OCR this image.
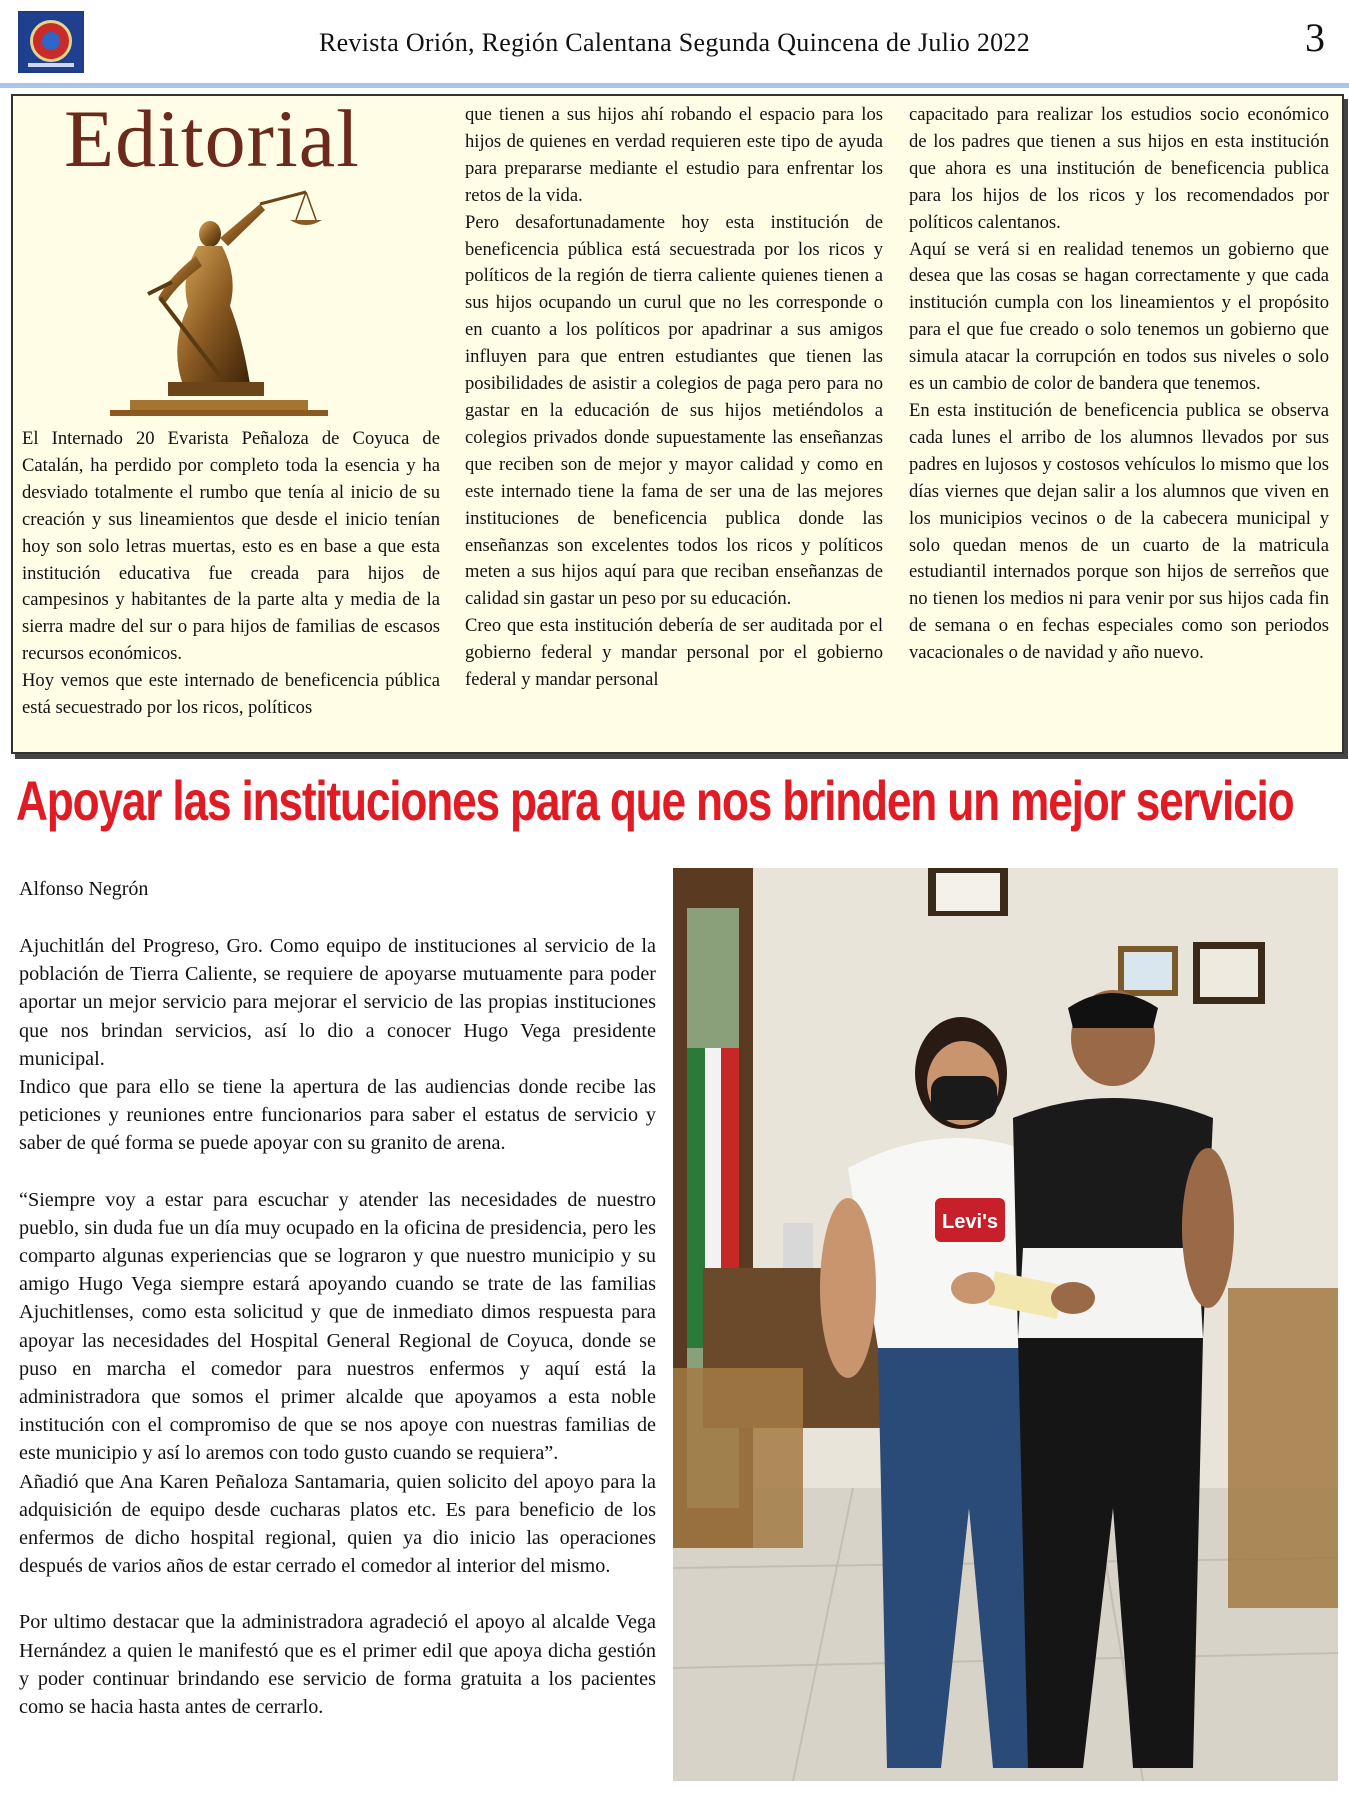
Revista Orión, Región Calentana Segunda Quincena de Julio 2022	3
Editorial

El Internado 20 Evarista Peñaloza de Coyuca de Catalán, ha perdido por completo toda la esencia y ha desviado totalmente el rumbo que tenía al inicio de su creación y sus lineamientos que desde el inicio tenían hoy son solo letras muertas, esto es en base a que esta institución educativa fue creada para hijos de campesinos y habitantes de la parte alta y media de la sierra madre del sur o para hijos de familias de escasos recursos económicos.

Hoy vemos que este internado de beneficencia pública está secuestrado por los ricos, políticos

que tienen a sus hijos ahí robando el espacio para los hijos de quienes en verdad requieren este tipo de ayuda para prepararse mediante el estudio para enfrentar los retos de la vida.

Pero desafortunadamente hoy esta institución de beneficencia pública está secuestrada por los ricos y políticos de la región de tierra caliente quienes tienen a sus hijos ocupando un curul que no les corresponde o en cuanto a los políticos por apadrinar a sus amigos influyen para que entren estudiantes que tienen las posibilidades de asistir a colegios de paga pero para no gastar en la educación de sus hijos metiéndolos a colegios privados donde supuestamente las enseñanzas que reciben son de mejor y mayor calidad y como en este internado tiene la fama de ser una de las mejores instituciones de beneficencia publica donde las enseñanzas son excelentes todos los ricos y políticos meten a sus hijos aquí para que reciban enseñanzas de calidad sin gastar un peso por su educación.

Creo que esta institución debería de ser auditada por el gobierno federal y mandar personal por el gobierno federal y mandar personal

capacitado para realizar los estudios socio económico de los padres que tienen a sus hijos en esta institución que ahora es una institución de beneficencia publica para los hijos de los ricos y los recomendados por políticos calentanos.

Aquí se verá si en realidad tenemos un gobierno que desea que las cosas se hagan correctamente y que cada institución cumpla con los lineamientos y el propósito para el que fue creado o solo tenemos un gobierno que simula atacar la corrupción en todos sus niveles o solo es un cambio de color de bandera que tenemos.

En esta institución de beneficencia publica se observa cada lunes el arribo de los alumnos llevados por sus padres en lujosos y costosos vehículos lo mismo que los días viernes que dejan salir a los alumnos que viven en los municipios vecinos o de la cabecera municipal y solo quedan menos de un cuarto de la matricula estudiantil internados porque son hijos de serreños que no tienen los medios ni para venir por sus hijos cada fin de semana o en fechas especiales como son periodos vacacionales o de navidad y año nuevo.

Apoyar las instituciones para que nos brinden un mejor servicio
Alfonso Negrón

Ajuchitlán del Progreso, Gro. Como equipo de instituciones al servicio de la población de Tierra Caliente, se requiere de apoyarse mutuamente para poder aportar un mejor servicio para mejorar el servicio de las propias instituciones que nos brindan servicios, así lo dio a conocer Hugo Vega presidente municipal.

Indico que para ello se tiene la apertura de las audiencias donde recibe las peticiones y reuniones entre funcionarios para saber el estatus de servicio y saber de qué forma se puede apoyar con su granito de arena.

“Siempre voy a estar para escuchar y atender las necesidades de nuestro pueblo, sin duda fue un día muy ocupado en la oficina de presidencia, pero les comparto algunas experiencias que se lograron y que nuestro municipio y su amigo Hugo Vega siempre estará apoyando cuando se trate de las familias Ajuchitlenses, como esta solicitud y que de inmediato dimos respuesta para apoyar las necesidades del Hospital General Regional de Coyuca, donde se puso en marcha el comedor para nuestros enfermos y aquí está la administradora que somos el primer alcalde que apoyamos a esta noble institución con el compromiso de que se nos apoye con nuestras familias de este municipio y así lo aremos con todo gusto cuando se requiera”.

Añadió que Ana Karen Peñaloza Santamaria, quien solicito del apoyo para la adquisición de equipo desde cucharas platos etc. Es para beneficio de los enfermos de dicho hospital regional, quien ya dio inicio las operaciones después de varios años de estar cerrado el comedor al interior del mismo.

Por ultimo destacar que la administradora agradeció el apoyo al alcalde Vega Hernández a quien le manifestó que es el primer edil que apoya dicha gestión y poder continuar brindando ese servicio de forma gratuita a los pacientes como se hacia hasta antes de cerrarlo.

Levi's
